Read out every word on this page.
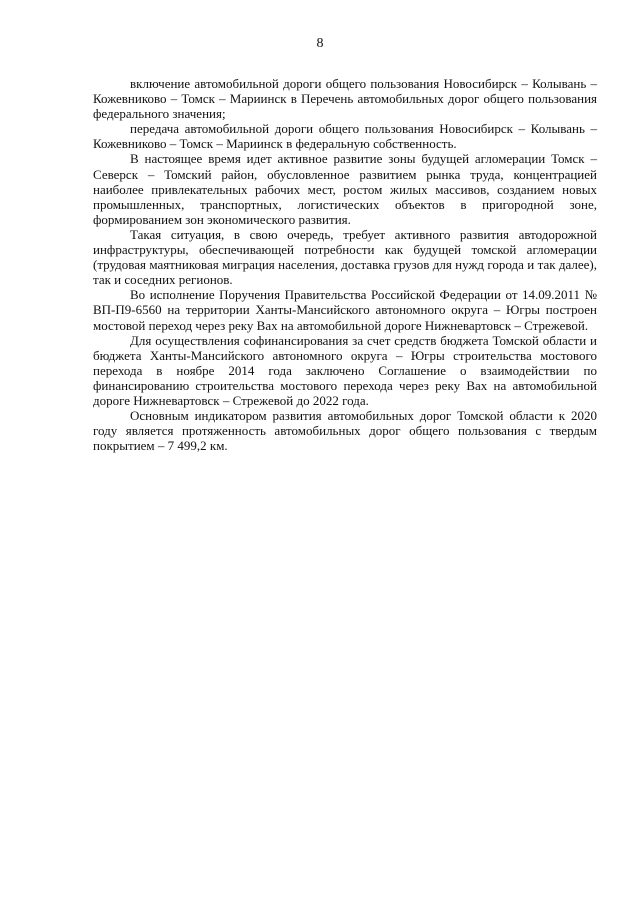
8

включение автомобильной дороги общего пользования Новосибирск – Колывань – Кожевниково – Томск – Мариинск в Перечень автомобильных дорог общего пользования федерального значения;

передача автомобильной дороги общего пользования Новосибирск – Колывань – Кожевниково – Томск – Мариинск в федеральную собственность.

В настоящее время идет активное развитие зоны будущей агломерации Томск – Северск – Томский район, обусловленное развитием рынка труда, концентрацией наиболее привлекательных рабочих мест, ростом жилых массивов, созданием новых промышленных, транспортных, логистических объектов в пригородной зоне, формированием зон экономического развития.

Такая ситуация, в свою очередь, требует активного развития автодорожной инфраструктуры, обеспечивающей потребности как будущей томской агломерации (трудовая маятниковая миграция населения, доставка грузов для нужд города и так далее), так и соседних регионов.

Во исполнение Поручения Правительства Российской Федерации от 14.09.2011 № ВП-П9-6560 на территории Ханты-Мансийского автономного округа – Югры построен мостовой переход через реку Вах на автомобильной дороге Нижневартовск – Стрежевой.

Для осуществления софинансирования за счет средств бюджета Томской области и бюджета Ханты-Мансийского автономного округа – Югры строительства мостового перехода в ноябре 2014 года заключено Соглашение о взаимодействии по финансированию строительства мостового перехода через реку Вах на автомобильной дороге Нижневартовск – Стрежевой до 2022 года.

Основным индикатором развития автомобильных дорог Томской области к 2020 году является протяженность автомобильных дорог общего пользования с твердым покрытием – 7 499,2 км.
